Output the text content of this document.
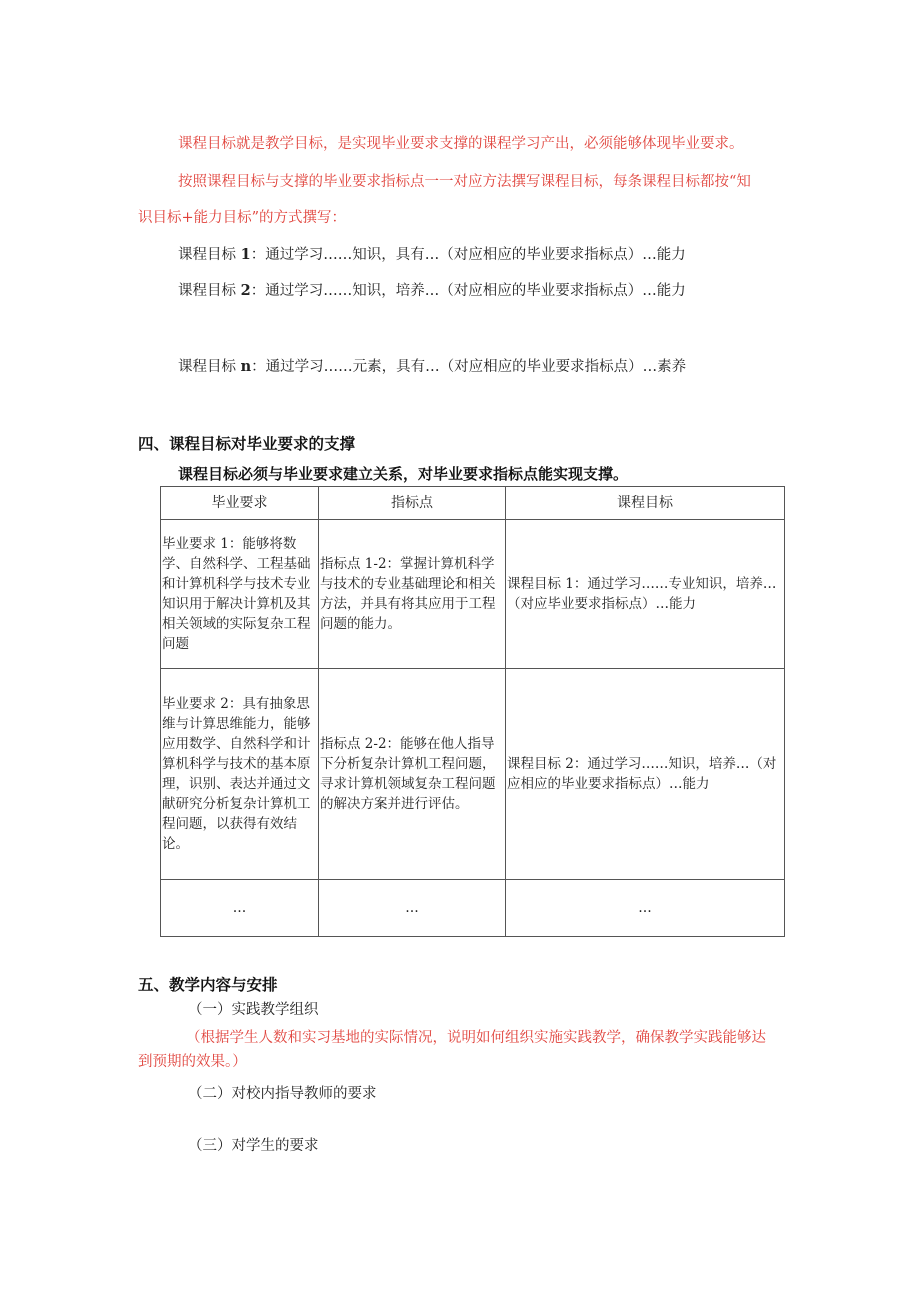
课程目标就是教学目标，是实现毕业要求支撑的课程学习产出，必须能够体现毕业要求。
按照课程目标与支撑的毕业要求指标点一一对应方法撰写课程目标，每条课程目标都按“知
识目标+能力目标”的方式撰写：
课程目标 1：通过学习……知识，具有…（对应相应的毕业要求指标点）…能力
课程目标 2：通过学习……知识，培养…（对应相应的毕业要求指标点）…能力
课程目标 n：通过学习……元素，具有…（对应相应的毕业要求指标点）…素养
四、课程目标对毕业要求的支撑
课程目标必须与毕业要求建立关系，对毕业要求指标点能实现支撑。
毕业要求	指标点	课程目标
毕业要求 1：能够将数学、自然科学、工程基础和计算机科学与技术专业知识用于解决计算机及其相关领域的实际复杂工程问题	指标点 1-2：掌握计算机科学与技术的专业基础理论和相关方法，并具有将其应用于工程问题的能力。	课程目标 1：通过学习……专业知识，培养…（对应毕业要求指标点）…能力
毕业要求 2：具有抽象思维与计算思维能力，能够应用数学、自然科学和计算机科学与技术的基本原理，识别、表达并通过文献研究分析复杂计算机工程问题，以获得有效结论。	指标点 2-2：能够在他人指导下分析复杂计算机工程问题，寻求计算机领域复杂工程问题的解决方案并进行评估。	课程目标 2：通过学习……知识，培养…（对应相应的毕业要求指标点）…能力
…	…	…
五、教学内容与安排
（一）实践教学组织
（根据学生人数和实习基地的实际情况，说明如何组织实施实践教学，确保教学实践能够达
到预期的效果。）
（二）对校内指导教师的要求
（三）对学生的要求
